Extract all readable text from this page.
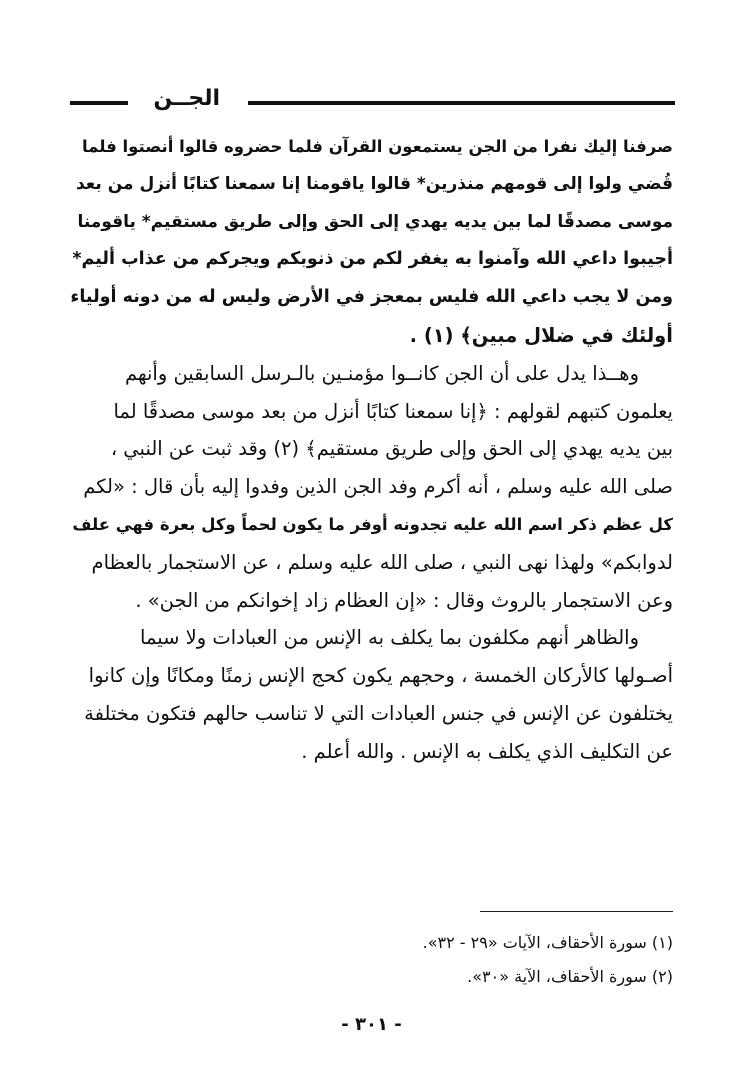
الجــن
صرفنا إليك نفرا من الجن يستمعون القرآن فلما حضروه قالوا أنصتوا فلما
قُضي ولوا إلى قومهم منذرين* قالوا ياقومنا إنا سمعنا كتابًا أنزل من بعد
موسى مصدقًا لما بين يديه يهدي إلى الحق وإلى طريق مستقيم* ياقومنا
أجيبوا داعي الله وآمنوا به يغفر لكم من ذنوبكم ويجركم من عذاب أليم*
ومن لا يجب داعي الله فليس بمعجز في الأرض وليس له من دونه أولياء
أولئك في ضلال مبين﴾ (١) .
وهــذا يدل على أن الجن كانــوا مؤمنـين بالـرسل السابقين وأنهم
يعلمون كتبهم لقولهم : ﴿إنا سمعنا كتابًا أنزل من بعد موسى مصدقًا لما
بين يديه يهدي إلى الحق وإلى طريق مستقيم﴾ (٢) وقد ثبت عن النبي ،
صلى الله عليه وسلم ، أنه أكرم وفد الجن الذين وفدوا إليه بأن قال : «لكم
كل عظم ذكر اسم الله عليه تجدونه أوفر ما يكون لحماً وكل بعرة فهي علف
لدوابكم» ولهذا نهى النبي ، صلى الله عليه وسلم ، عن الاستجمار بالعظام
وعن الاستجمار بالروث وقال : «إن العظام زاد إخوانكم من الجن» .
والظاهر أنهم مكلفون بما يكلف به الإنس من العبادات ولا سيما
أصـولها كالأركان الخمسة ، وحجهم يكون كحج الإنس زمنًا ومكانًا وإن كانوا
يختلفون عن الإنس في جنس العبادات التي لا تناسب حالهم فتكون مختلفة
عن التكليف الذي يكلف به الإنس . والله أعلم .
(١) سورة الأحقاف، الآيات «٢٩ - ٣٢».
(٢) سورة الأحقاف، الآية «٣٠».
- ٣٠١ -
